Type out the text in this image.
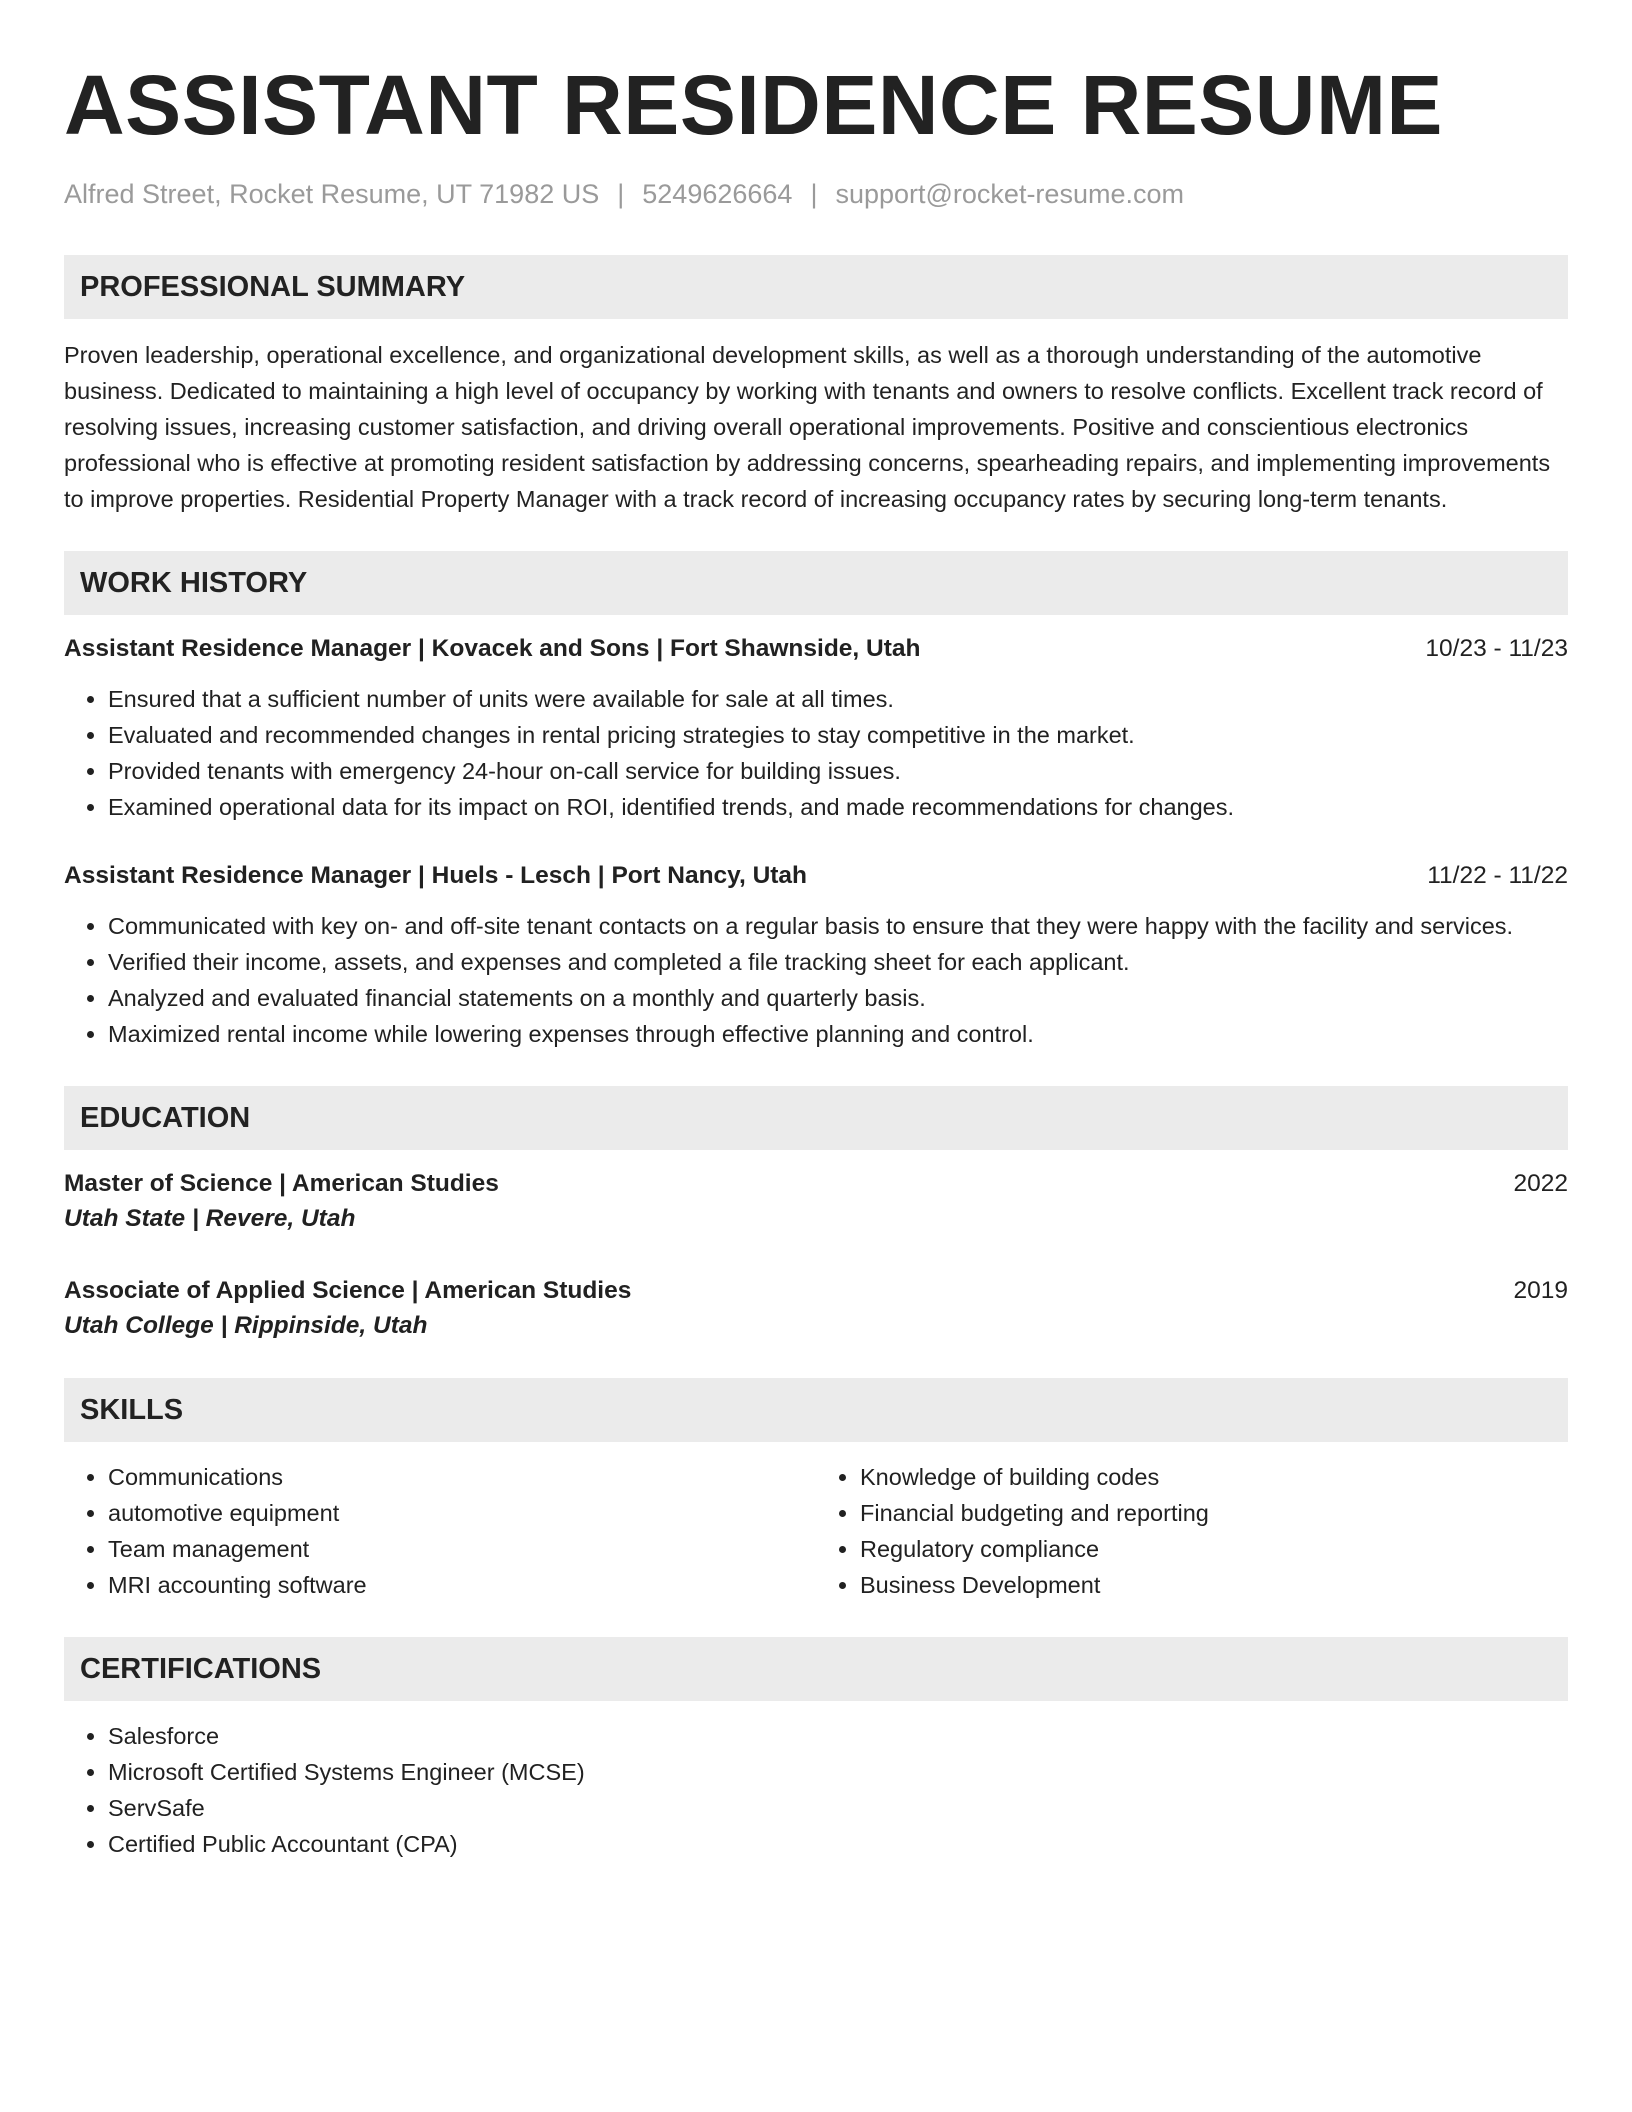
ASSISTANT RESIDENCE RESUME
Alfred Street, Rocket Resume, UT 71982 US | 5249626664 | support@rocket-resume.com
PROFESSIONAL SUMMARY
Proven leadership, operational excellence, and organizational development skills, as well as a thorough understanding of the automotive business. Dedicated to maintaining a high level of occupancy by working with tenants and owners to resolve conflicts. Excellent track record of resolving issues, increasing customer satisfaction, and driving overall operational improvements. Positive and conscientious electronics professional who is effective at promoting resident satisfaction by addressing concerns, spearheading repairs, and implementing improvements to improve properties. Residential Property Manager with a track record of increasing occupancy rates by securing long-term tenants.
WORK HISTORY
Assistant Residence Manager | Kovacek and Sons | Fort Shawnside, Utah	10/23 - 11/23
• Ensured that a sufficient number of units were available for sale at all times.
• Evaluated and recommended changes in rental pricing strategies to stay competitive in the market.
• Provided tenants with emergency 24-hour on-call service for building issues.
• Examined operational data for its impact on ROI, identified trends, and made recommendations for changes.
Assistant Residence Manager | Huels - Lesch | Port Nancy, Utah	11/22 - 11/22
• Communicated with key on- and off-site tenant contacts on a regular basis to ensure that they were happy with the facility and services.
• Verified their income, assets, and expenses and completed a file tracking sheet for each applicant.
• Analyzed and evaluated financial statements on a monthly and quarterly basis.
• Maximized rental income while lowering expenses through effective planning and control.
EDUCATION
Master of Science | American Studies	2022
Utah State | Revere, Utah
Associate of Applied Science | American Studies	2019
Utah College | Rippinside, Utah
SKILLS
• Communications
• automotive equipment
• Team management
• MRI accounting software
• Knowledge of building codes
• Financial budgeting and reporting
• Regulatory compliance
• Business Development
CERTIFICATIONS
• Salesforce
• Microsoft Certified Systems Engineer (MCSE)
• ServSafe
• Certified Public Accountant (CPA)
